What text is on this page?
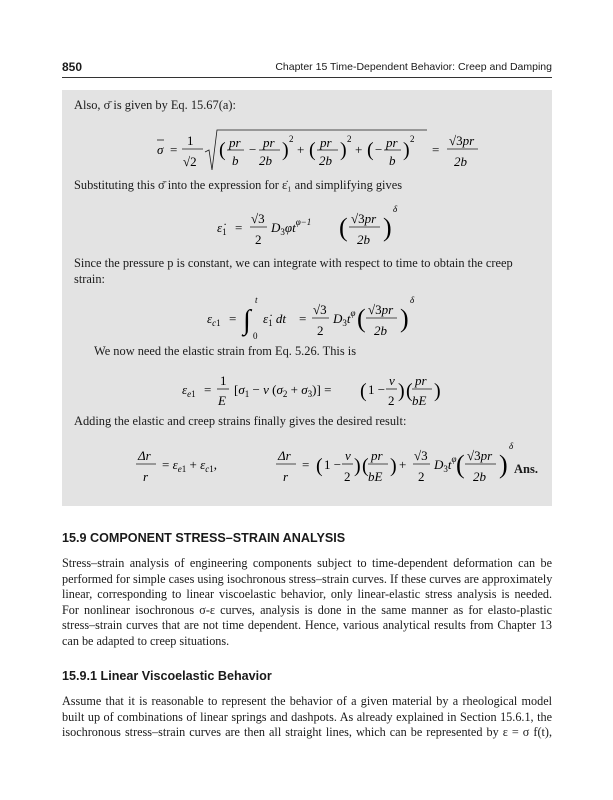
850	Chapter 15 Time-Dependent Behavior: Creep and Damping
Also, σ̄ is given by Eq. 15.67(a):
σ =
1
√2
( pr
b
− pr
2b ) 2
+ ( pr
2b ) 2
+ ( − pr
b ) 2
=
√3pr
2b
Substituting this σ̄ into the expression for ε̇₁ and simplifying gives
$\varepsiloṅ_1$ =
√3
2
$D_3\varphi t^{\varphi-1}$ ( √3pr
2b )
δ
Since the pressure p is constant, we can integrate with respect to time to obtain the creep
strain:
$\varepsilon_c1$ = ∫
t
0
$\varepsiloṅ_1$ dt =
√3
2
$D_3t^\varphi$ ( √3pr
2b )
δ
We now need the elastic strain from Eq. 5.26. This is
$\varepsilon_e1$ =
1
E
[$\sigma_1 - \nu$ $(\sigma_2 + \sigma_3)$] = ( 1 −
ν
2 ) ( pr
bE )
Adding the elastic and creep strains finally gives the desired result:
Δr
r
= $\varepsilon_e1 + \varepsilon_c1$,
Δr
r
= ( 1 −
ν
2 ) ( pr
bE ) +
√3
2
$D_3t^\varphi$ ( √3pr
2b )
δ
Ans.
15.9 COMPONENT STRESS–STRAIN ANALYSIS
Stress–strain analysis of engineering components subject to time-dependent deformation can be
performed for simple cases using isochronous stress–strain curves. If these curves are approximately
linear, corresponding to linear viscoelastic behavior, only linear-elastic stress analysis is needed.
For nonlinear isochronous σ-ε curves, analysis is done in the same manner as for elasto-plastic
stress–strain curves that are not time dependent. Hence, various analytical results from Chapter 13
can be adapted to creep situations.
15.9.1 Linear Viscoelastic Behavior
Assume that it is reasonable to represent the behavior of a given material by a rheological model
built up of combinations of linear springs and dashpots. As already explained in Section 15.6.1, the
isochronous stress–strain curves are then all straight lines, which can be represented by ε = σ f(t),
